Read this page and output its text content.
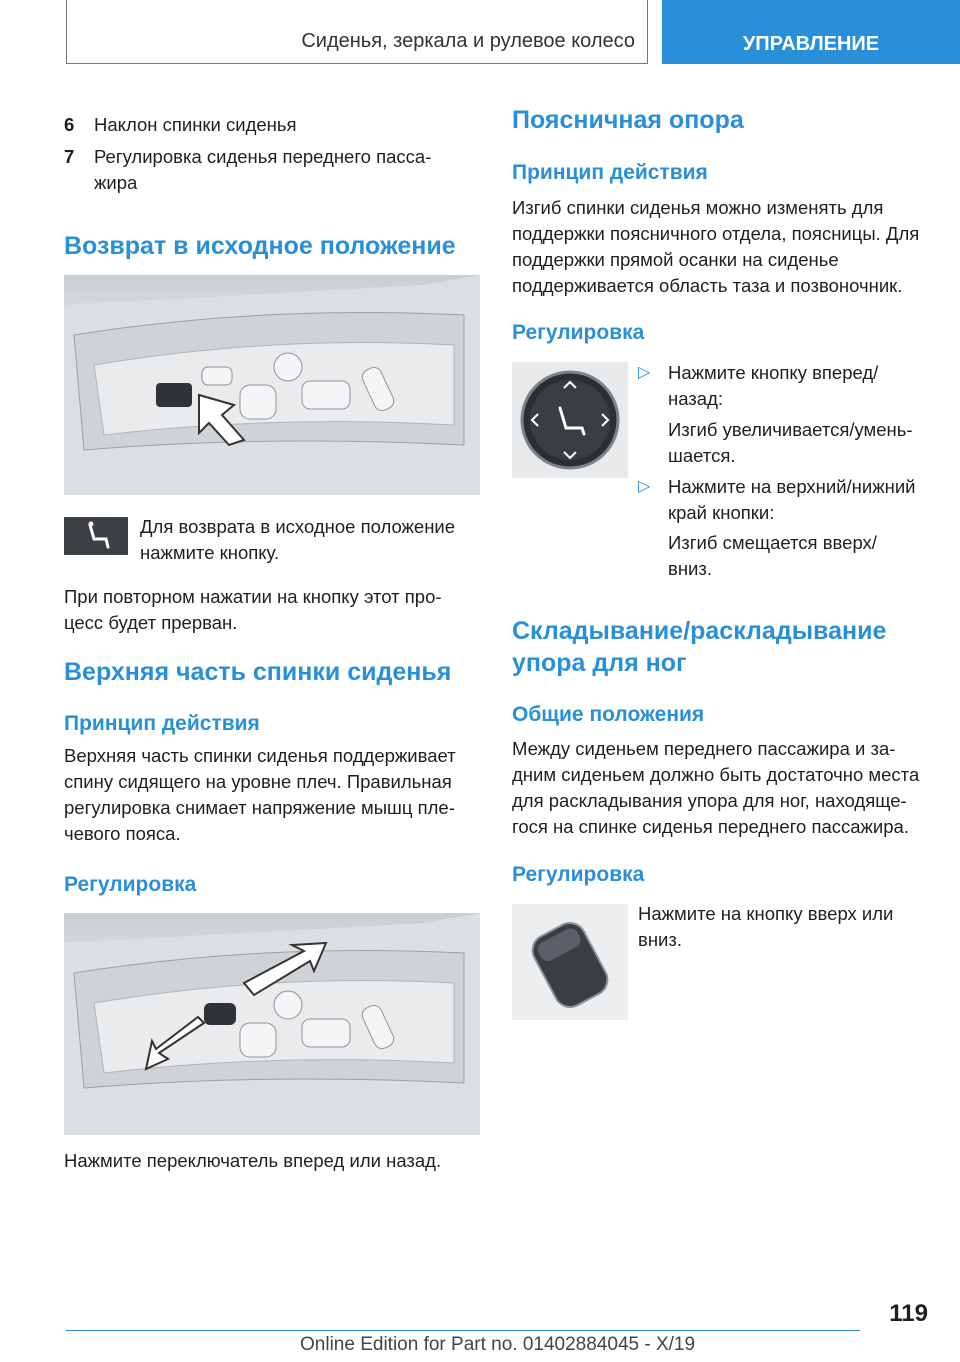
Сиденья, зеркала и рулевое колесо	УПРАВЛЕНИЕ
6 Наклон спинки сиденья
7 Регулировка сиденья переднего пасса-
жира
Возврат в исходное положение
Для возврата в исходное положение нажмите кнопку.
При повторном нажатии на кнопку этот про-
цесс будет прерван.
Верхняя часть спинки сиденья
Принцип действия
Верхняя часть спинки сиденья поддерживает спину сидящего на уровне плеч. Правильная регулировка снимает напряжение мышц пле- чевого пояса.
Регулировка
Нажмите переключатель вперед или назад.
Поясничная опора
Принцип действия
Изгиб спинки сиденья можно изменять для поддержки поясничного отдела, поясницы. Для поддержки прямой осанки на сиденье поддерживается область таза и позвоночник.
Регулировка
▷ Нажмите кнопку вперед/
назад:
Изгиб увеличивается/умень-
шается.
▷ Нажмите на верхний/нижний край кнопки:
Изгиб смещается вверх/
вниз.
Складывание/раскладывание упора для ног
Общие положения
Между сиденьем переднего пассажира и за-
дним сиденьем должно быть достаточно места для раскладывания упора для ног, находяще-
гося на спинке сиденья переднего пассажира.
Регулировка
Нажмите на кнопку вверх или
вниз.
119
Online Edition for Part no. 01402884045 - X/19
